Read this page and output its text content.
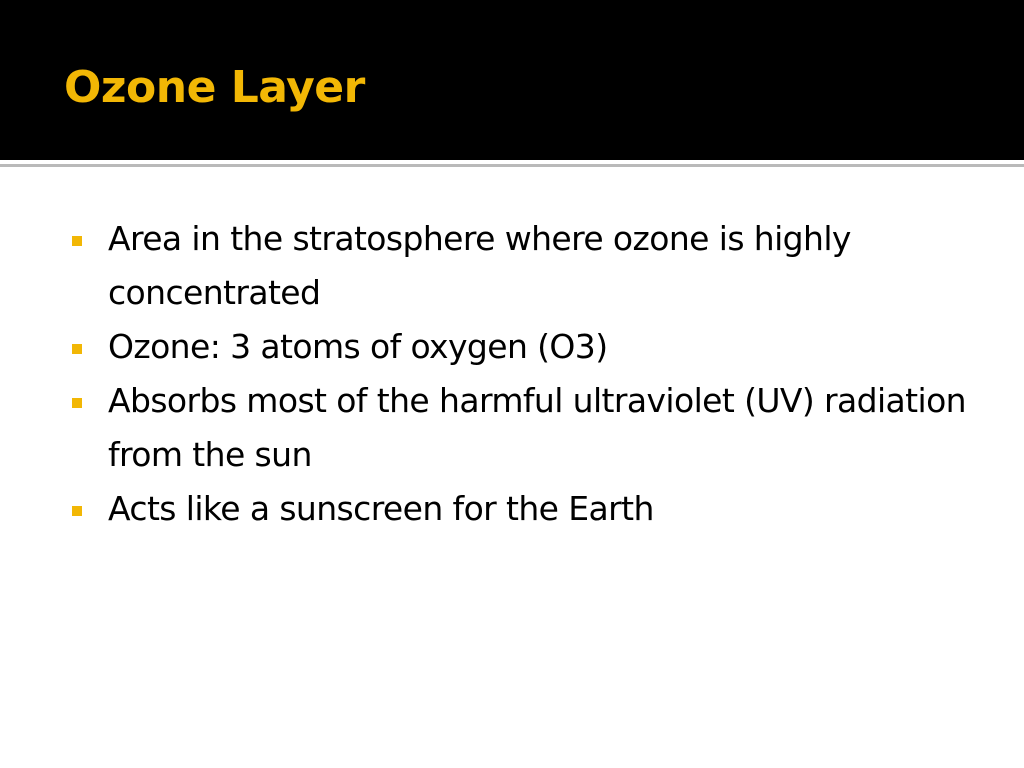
Ozone Layer
Area in the stratosphere where ozone is highly concentrated
Ozone: 3 atoms of oxygen (O3)
Absorbs most of the harmful ultraviolet (UV) radiation from the sun
Acts like a sunscreen for the Earth
